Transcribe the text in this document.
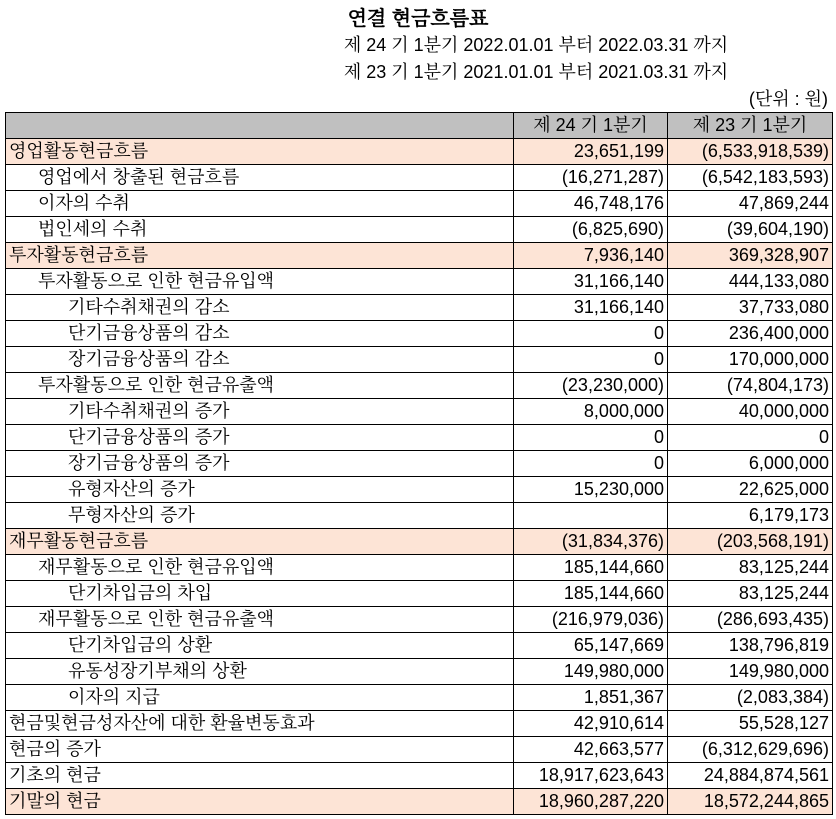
연결 현금흐름표
제 24 기 1분기 2022.01.01 부터 2022.03.31 까지
제 23 기 1분기 2021.01.01 부터 2021.03.31 까지
(단위 : 원)
	제 24 기 1분기	제 23 기 1분기
영업활동현금흐름	23,651,199	(6,533,918,539)
영업에서 창출된 현금흐름	(16,271,287)	(6,542,183,593)
이자의 수취	46,748,176	47,869,244
법인세의 수취	(6,825,690)	(39,604,190)
투자활동현금흐름	7,936,140	369,328,907
투자활동으로 인한 현금유입액	31,166,140	444,133,080
기타수취채권의 감소	31,166,140	37,733,080
단기금융상품의 감소	0	236,400,000
장기금융상품의 감소	0	170,000,000
투자활동으로 인한 현금유출액	(23,230,000)	(74,804,173)
기타수취채권의 증가	8,000,000	40,000,000
단기금융상품의 증가	0	0
장기금융상품의 증가	0	6,000,000
유형자산의 증가	15,230,000	22,625,000
무형자산의 증가		6,179,173
재무활동현금흐름	(31,834,376)	(203,568,191)
재무활동으로 인한 현금유입액	185,144,660	83,125,244
단기차입금의 차입	185,144,660	83,125,244
재무활동으로 인한 현금유출액	(216,979,036)	(286,693,435)
단기차입금의 상환	65,147,669	138,796,819
유동성장기부채의 상환	149,980,000	149,980,000
이자의 지급	1,851,367	(2,083,384)
현금및현금성자산에 대한 환율변동효과	42,910,614	55,528,127
현금의 증가	42,663,577	(6,312,629,696)
기초의 현금	18,917,623,643	24,884,874,561
기말의 현금	18,960,287,220	18,572,244,865
